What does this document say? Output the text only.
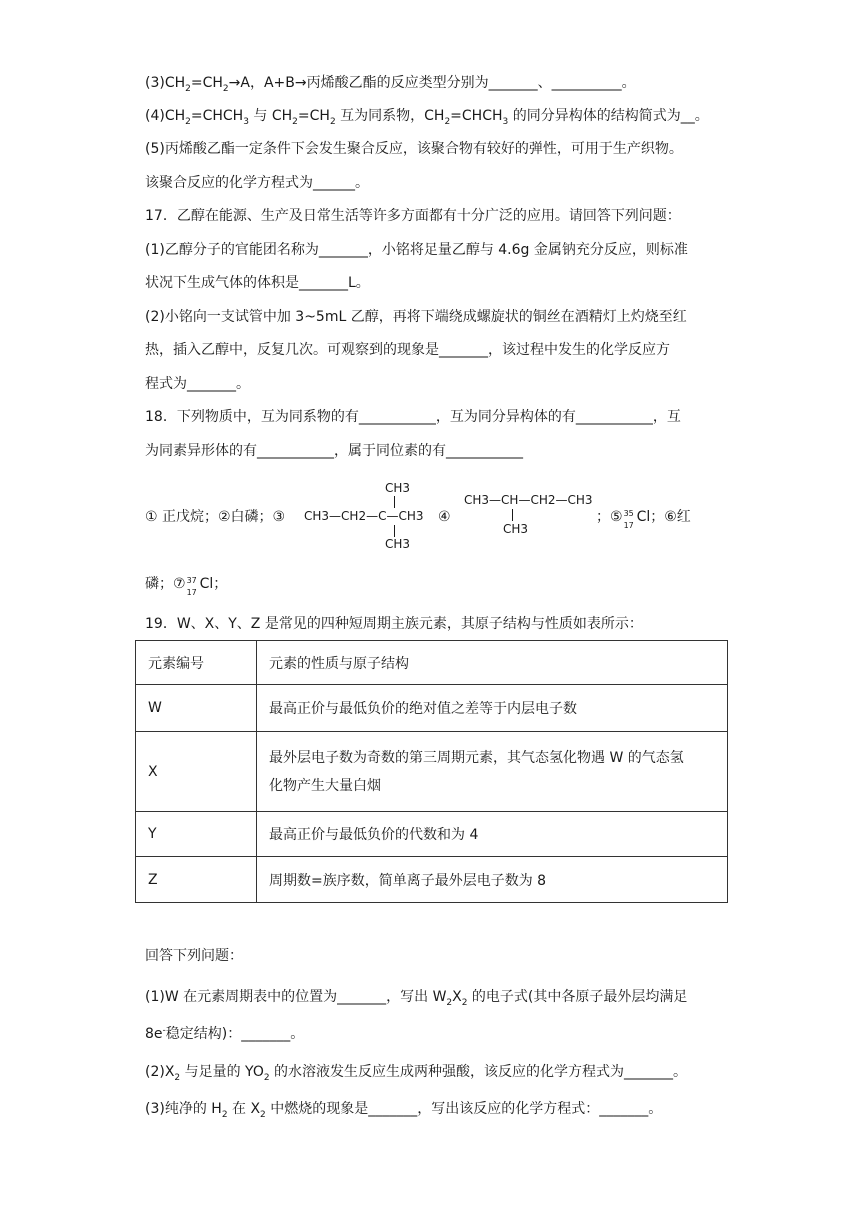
$(3)CH_2=CH_2\to A$，A+B→丙烯酸乙酯的反应类型分别为_______、__________。
$(4)CH_2=CHCH_3$ 与 $CH_2=CH_2$ 互为同系物，$CH_2=CHCH_3$ 的同分异构体的结构简式为__。
(5)丙烯酸乙酯一定条件下会发生聚合反应，该聚合物有较好的弹性，可用于生产织物。
该聚合反应的化学方程式为______。
17．乙醇在能源、生产及日常生活等许多方面都有十分广泛的应用。请回答下列问题：
(1)乙醇分子的官能团名称为_______，小铭将足量乙醇与 4.6g 金属钠充分反应，则标准
状况下生成气体的体积是_______L。
(2)小铭向一支试管中加 3~5mL 乙醇，再将下端绕成螺旋状的铜丝在酒精灯上灼烧至红
热，插入乙醇中，反复几次。可观察到的现象是_______，该过程中发生的化学反应方
程式为_______。
18．下列物质中，互为同系物的有___________，互为同分异构体的有___________，互
为同素异形体的有___________，属于同位素的有___________
① 正戊烷；②白磷；③
CH3
CH3—CH2—C—CH3
CH3
④
CH3—CH—CH2—CH3
CH3
；⑤ 35
17
Cl；⑥红
磷；⑦ 37
17
Cl；
19．W、X、Y、Z 是常见的四种短周期主族元素，其原子结构与性质如表所示：
元素编号	元素的性质与原子结构
W	最高正价与最低负价的绝对值之差等于内层电子数
X	最外层电子数为奇数的第三周期元素，其气态氢化物遇 W 的气态氢
化物产生大量白烟

Y	最高正价与最低负价的代数和为 4
Z	周期数=族序数，简单离子最外层电子数为 8
回答下列问题：
(1)W 在元素周期表中的位置为_______，写出 $W_2X_2$ 的电子式(其中各原子最外层均满足
8e-稳定结构)：_______。
$(2)X_2$ 与足量的 $YO_2$ 的水溶液发生反应生成两种强酸，该反应的化学方程式为_______。
(3)纯净的 $H_2$ 在 $X_2$ 中燃烧的现象是_______，写出该反应的化学方程式：_______。
